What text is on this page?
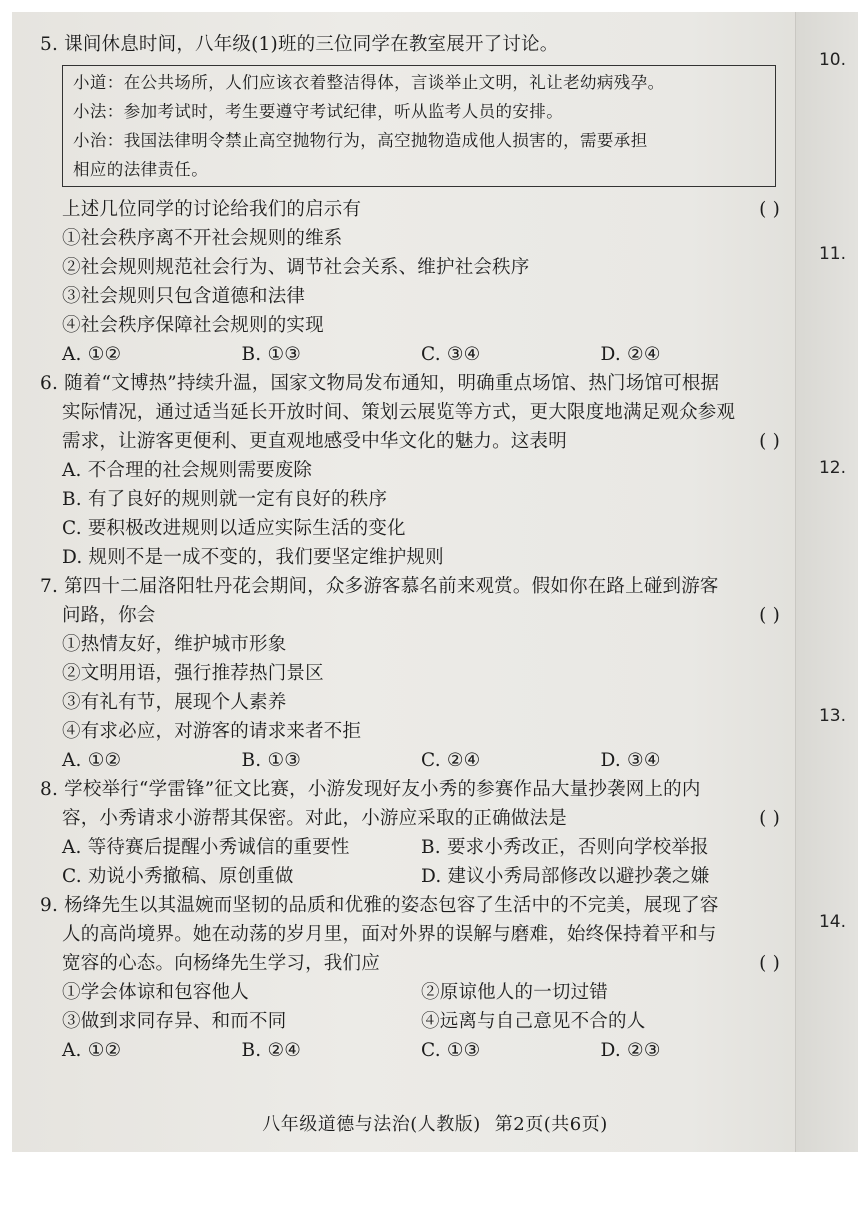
10.
11.
12.
13.
14.
5. 课间休息时间，八年级(1)班的三位同学在教室展开了讨论。
小道：在公共场所，人们应该衣着整洁得体，言谈举止文明，礼让老幼病残孕。
小法：参加考试时，考生要遵守考试纪律，听从监考人员的安排。
小治：我国法律明令禁止高空抛物行为，高空抛物造成他人损害的，需要承担
相应的法律责任。
上述几位同学的讨论给我们的启示有	( )
①社会秩序离不开社会规则的维系
②社会规则规范社会行为、调节社会关系、维护社会秩序
③社会规则只包含道德和法律
④社会秩序保障社会规则的实现
A. ①②	B. ①③	C. ③④	D. ②④
6. 随着“文博热”持续升温，国家文物局发布通知，明确重点场馆、热门场馆可根据
实际情况，通过适当延长开放时间、策划云展览等方式，更大限度地满足观众参观
需求，让游客更便利、更直观地感受中华文化的魅力。这表明	( )
A. 不合理的社会规则需要废除
B. 有了良好的规则就一定有良好的秩序
C. 要积极改进规则以适应实际生活的变化
D. 规则不是一成不变的，我们要坚定维护规则
7. 第四十二届洛阳牡丹花会期间，众多游客慕名前来观赏。假如你在路上碰到游客
问路，你会	( )
①热情友好，维护城市形象
②文明用语，强行推荐热门景区
③有礼有节，展现个人素养
④有求必应，对游客的请求来者不拒
A. ①②	B. ①③	C. ②④	D. ③④
8. 学校举行“学雷锋”征文比赛，小游发现好友小秀的参赛作品大量抄袭网上的内
容，小秀请求小游帮其保密。对此，小游应采取的正确做法是	( )
A. 等待赛后提醒小秀诚信的重要性	B. 要求小秀改正，否则向学校举报
C. 劝说小秀撤稿、原创重做	D. 建议小秀局部修改以避抄袭之嫌
9. 杨绛先生以其温婉而坚韧的品质和优雅的姿态包容了生活中的不完美，展现了容
人的高尚境界。她在动荡的岁月里，面对外界的误解与磨难，始终保持着平和与
宽容的心态。向杨绛先生学习，我们应	( )
①学会体谅和包容他人	②原谅他人的一切过错
③做到求同存异、和而不同	④远离与自己意见不合的人
A. ①②	B. ②④	C. ①③	D. ②③
八年级道德与法治(人教版) 第2页(共6页)
